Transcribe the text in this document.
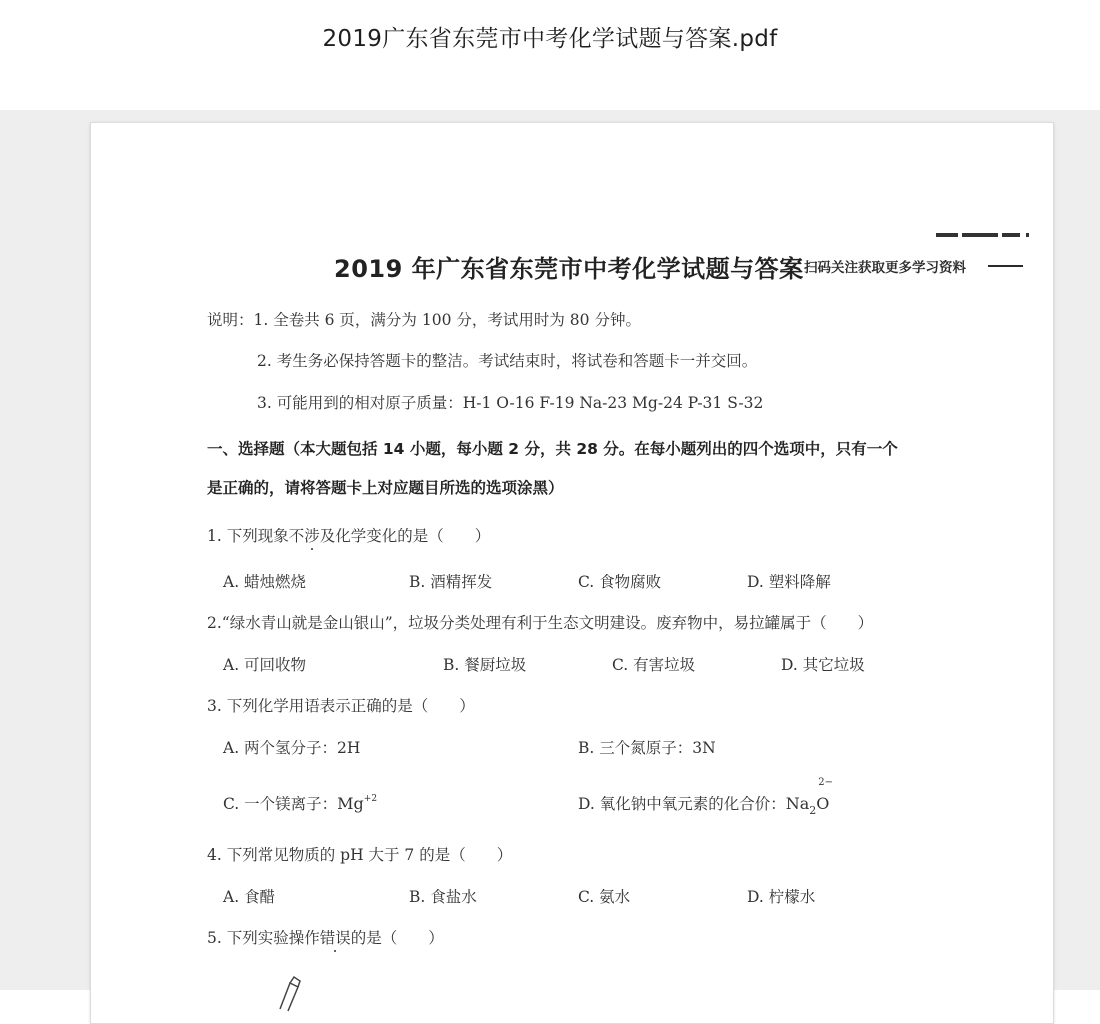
2019广东省东莞市中考化学试题与答案.pdf
2019 年广东省东莞市中考化学试题与答案 扫码关注获取更多学习资料
说明：1. 全卷共 6 页，满分为 100 分，考试用时为 80 分钟。
2. 考生务必保持答题卡的整洁。考试结束时，将试卷和答题卡一并交回。
3. 可能用到的相对原子质量：H-1 O-16 F-19 Na-23 Mg-24 P-31 S-32
一、选择题（本大题包括 14 小题，每小题 2 分，共 28 分。在每小题列出的四个选项中，只有一个
是正确的，请将答题卡上对应题目所选的选项涂黑）
1. 下列现象不涉及化学变化的是（　　）
A. 蜡烛燃烧	B. 酒精挥发	C. 食物腐败	D. 塑料降解
2.“绿水青山就是金山银山”，垃圾分类处理有利于生态文明建设。废弃物中，易拉罐属于（　　）
A. 可回收物	B. 餐厨垃圾	C. 有害垃圾	D. 其它垃圾
3. 下列化学用语表示正确的是（　　）
A. 两个氢分子：2H	B. 三个氮原子：3N
C. 一个镁离子：$Mg^{+2}$	D. 氧化钠中氧元素的化合价：$Na_2$
2−
O
4. 下列常见物质的 pH 大于 7 的是（　　）
A. 食醋	B. 食盐水	C. 氨水	D. 柠檬水
5. 下列实验操作错误的是（　　）
